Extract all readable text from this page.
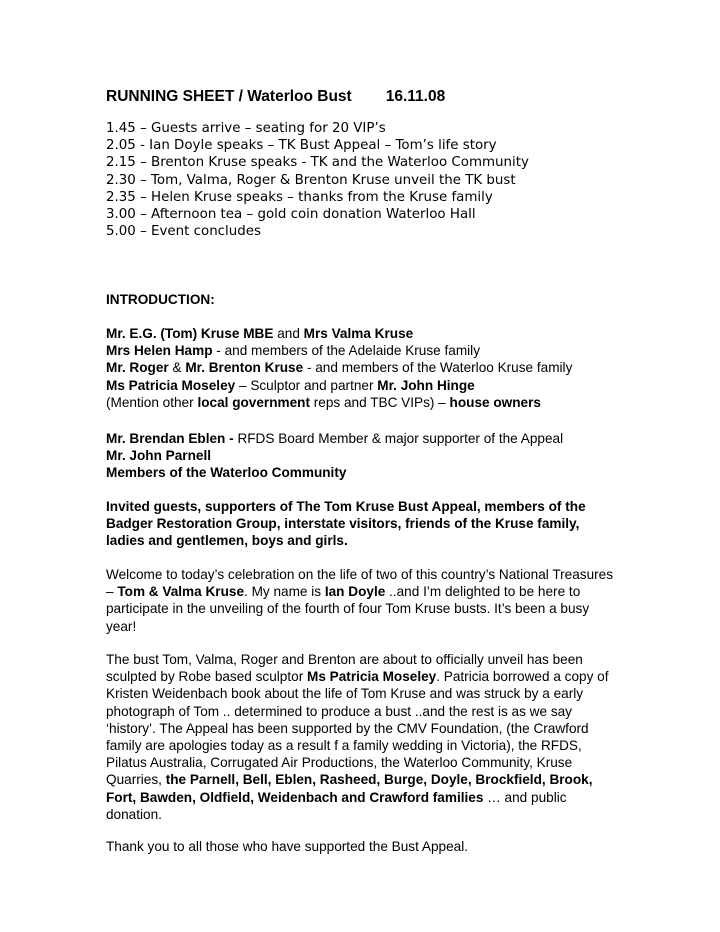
RUNNING SHEET / Waterloo Bust 16.11.08
1.45 – Guests arrive – seating for 20 VIP’s
2.05 - Ian Doyle speaks – TK Bust Appeal – Tom’s life story
2.15 – Brenton Kruse speaks - TK and the Waterloo Community
2.30 – Tom, Valma, Roger & Brenton Kruse unveil the TK bust
2.35 – Helen Kruse speaks – thanks from the Kruse family
3.00 – Afternoon tea – gold coin donation Waterloo Hall
5.00 – Event concludes
INTRODUCTION:

Mr. E.G. (Tom) Kruse MBE and Mrs Valma Kruse

Mrs Helen Hamp - and members of the Adelaide Kruse family

Mr. Roger & Mr. Brenton Kruse - and members of the Waterloo Kruse family

Ms Patricia Moseley – Sculptor and partner Mr. John Hinge

(Mention other local government reps and TBC VIPs) – house owners

Mr. Brendan Eblen - RFDS Board Member & major supporter of the Appeal

Mr. John Parnell

Members of the Waterloo Community

Invited guests, supporters of The Tom Kruse Bust Appeal, members of the Badger Restoration Group, interstate visitors, friends of the Kruse family, ladies and gentlemen, boys and girls.

Welcome to today’s celebration on the life of two of this country’s National Treasures – Tom & Valma Kruse. My name is Ian Doyle ..and I’m delighted to be here to participate in the unveiling of the fourth of four Tom Kruse busts. It’s been a busy year!

The bust Tom, Valma, Roger and Brenton are about to officially unveil has been sculpted by Robe based sculptor Ms Patricia Moseley. Patricia borrowed a copy of Kristen Weidenbach book about the life of Tom Kruse and was struck by a early photograph of Tom .. determined to produce a bust ..and the rest is as we say ‘history’. The Appeal has been supported by the CMV Foundation, (the Crawford family are apologies today as a result f a family wedding in Victoria), the RFDS, Pilatus Australia, Corrugated Air Productions, the Waterloo Community, Kruse Quarries, the Parnell, Bell, Eblen, Rasheed, Burge, Doyle, Brockfield, Brook, Fort, Bawden, Oldfield, Weidenbach and Crawford families … and public donation.

Thank you to all those who have supported the Bust Appeal.
